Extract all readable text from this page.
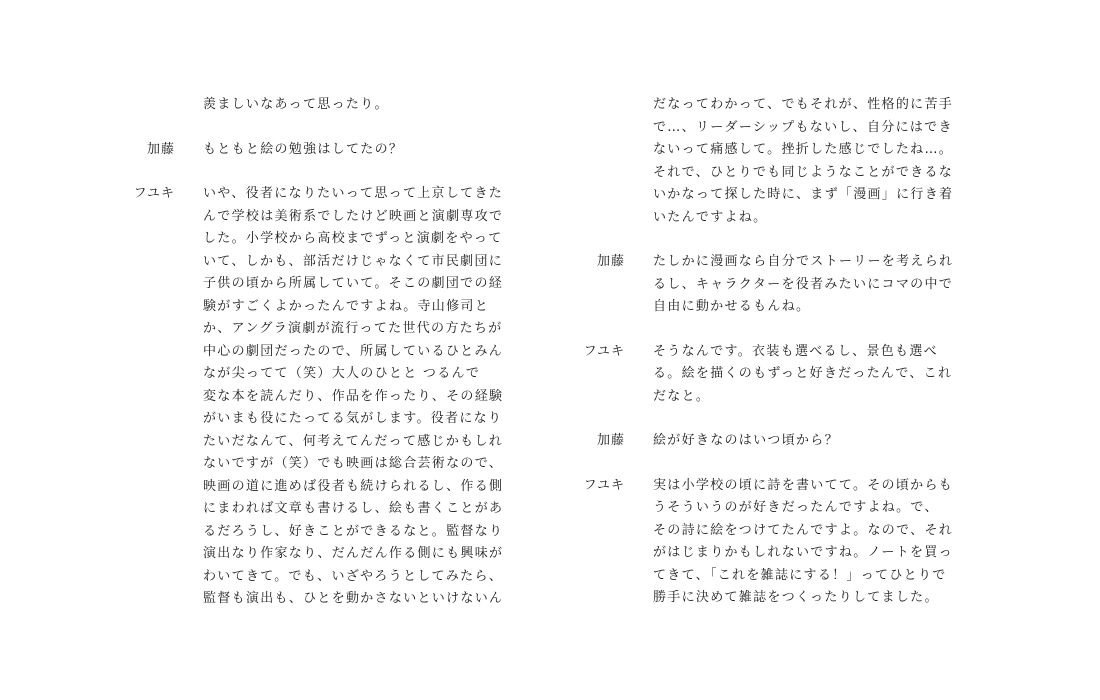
羨ましいなあって思ったり。
加藤 もともと絵の勉強はしてたの？
フユキ いや、役者になりたいって思って上京してきた
んで学校は美術系でしたけど映画と演劇専攻で
した。小学校から高校までずっと演劇をやって
いて、しかも、部活だけじゃなくて市民劇団に
子供の頃から所属していて。そこの劇団での経
験がすごくよかったんですよね。寺山修司と
か、アングラ演劇が流行ってた世代の方たちが
中心の劇団だったので、所属しているひとみん
なが尖ってて（笑）大人のひとと つるんで
変な本を読んだり、作品を作ったり、その経験
がいまも役にたってる気がします。役者になり
たいだなんて、何考えてんだって感じかもしれ
ないですが（笑）でも映画は総合芸術なので、
映画の道に進めば役者も続けられるし、作る側
にまわれば文章も書けるし、絵も書くことがあ
るだろうし、好きことができるなと。監督なり
演出なり作家なり、だんだん作る側にも興味が
わいてきて。でも、いざやろうとしてみたら、
監督も演出も、ひとを動かさないといけないん
だなってわかって、でもそれが、性格的に苦手
で…、リーダーシップもないし、自分にはでき
ないって痛感して。挫折した感じでしたね…。
それで、ひとりでも同じようなことができるな
いかなって探した時に、まず「漫画」に行き着
いたんですよね。
加藤 たしかに漫画なら自分でストーリーを考えられ
るし、キャラクターを役者みたいにコマの中で
自由に動かせるもんね。
フユキ そうなんです。衣装も選べるし、景色も選べ
る。絵を描くのもずっと好きだったんで、これ
だなと。
加藤 絵が好きなのはいつ頃から？
フユキ 実は小学校の頃に詩を書いてて。その頃からも
うそういうのが好きだったんですよね。で、
その詩に絵をつけてたんですよ。なので、それ
がはじまりかもしれないですね。ノートを買っ
てきて、「これを雑誌にする！」ってひとりで
勝手に決めて雑誌をつくったりしてました。
